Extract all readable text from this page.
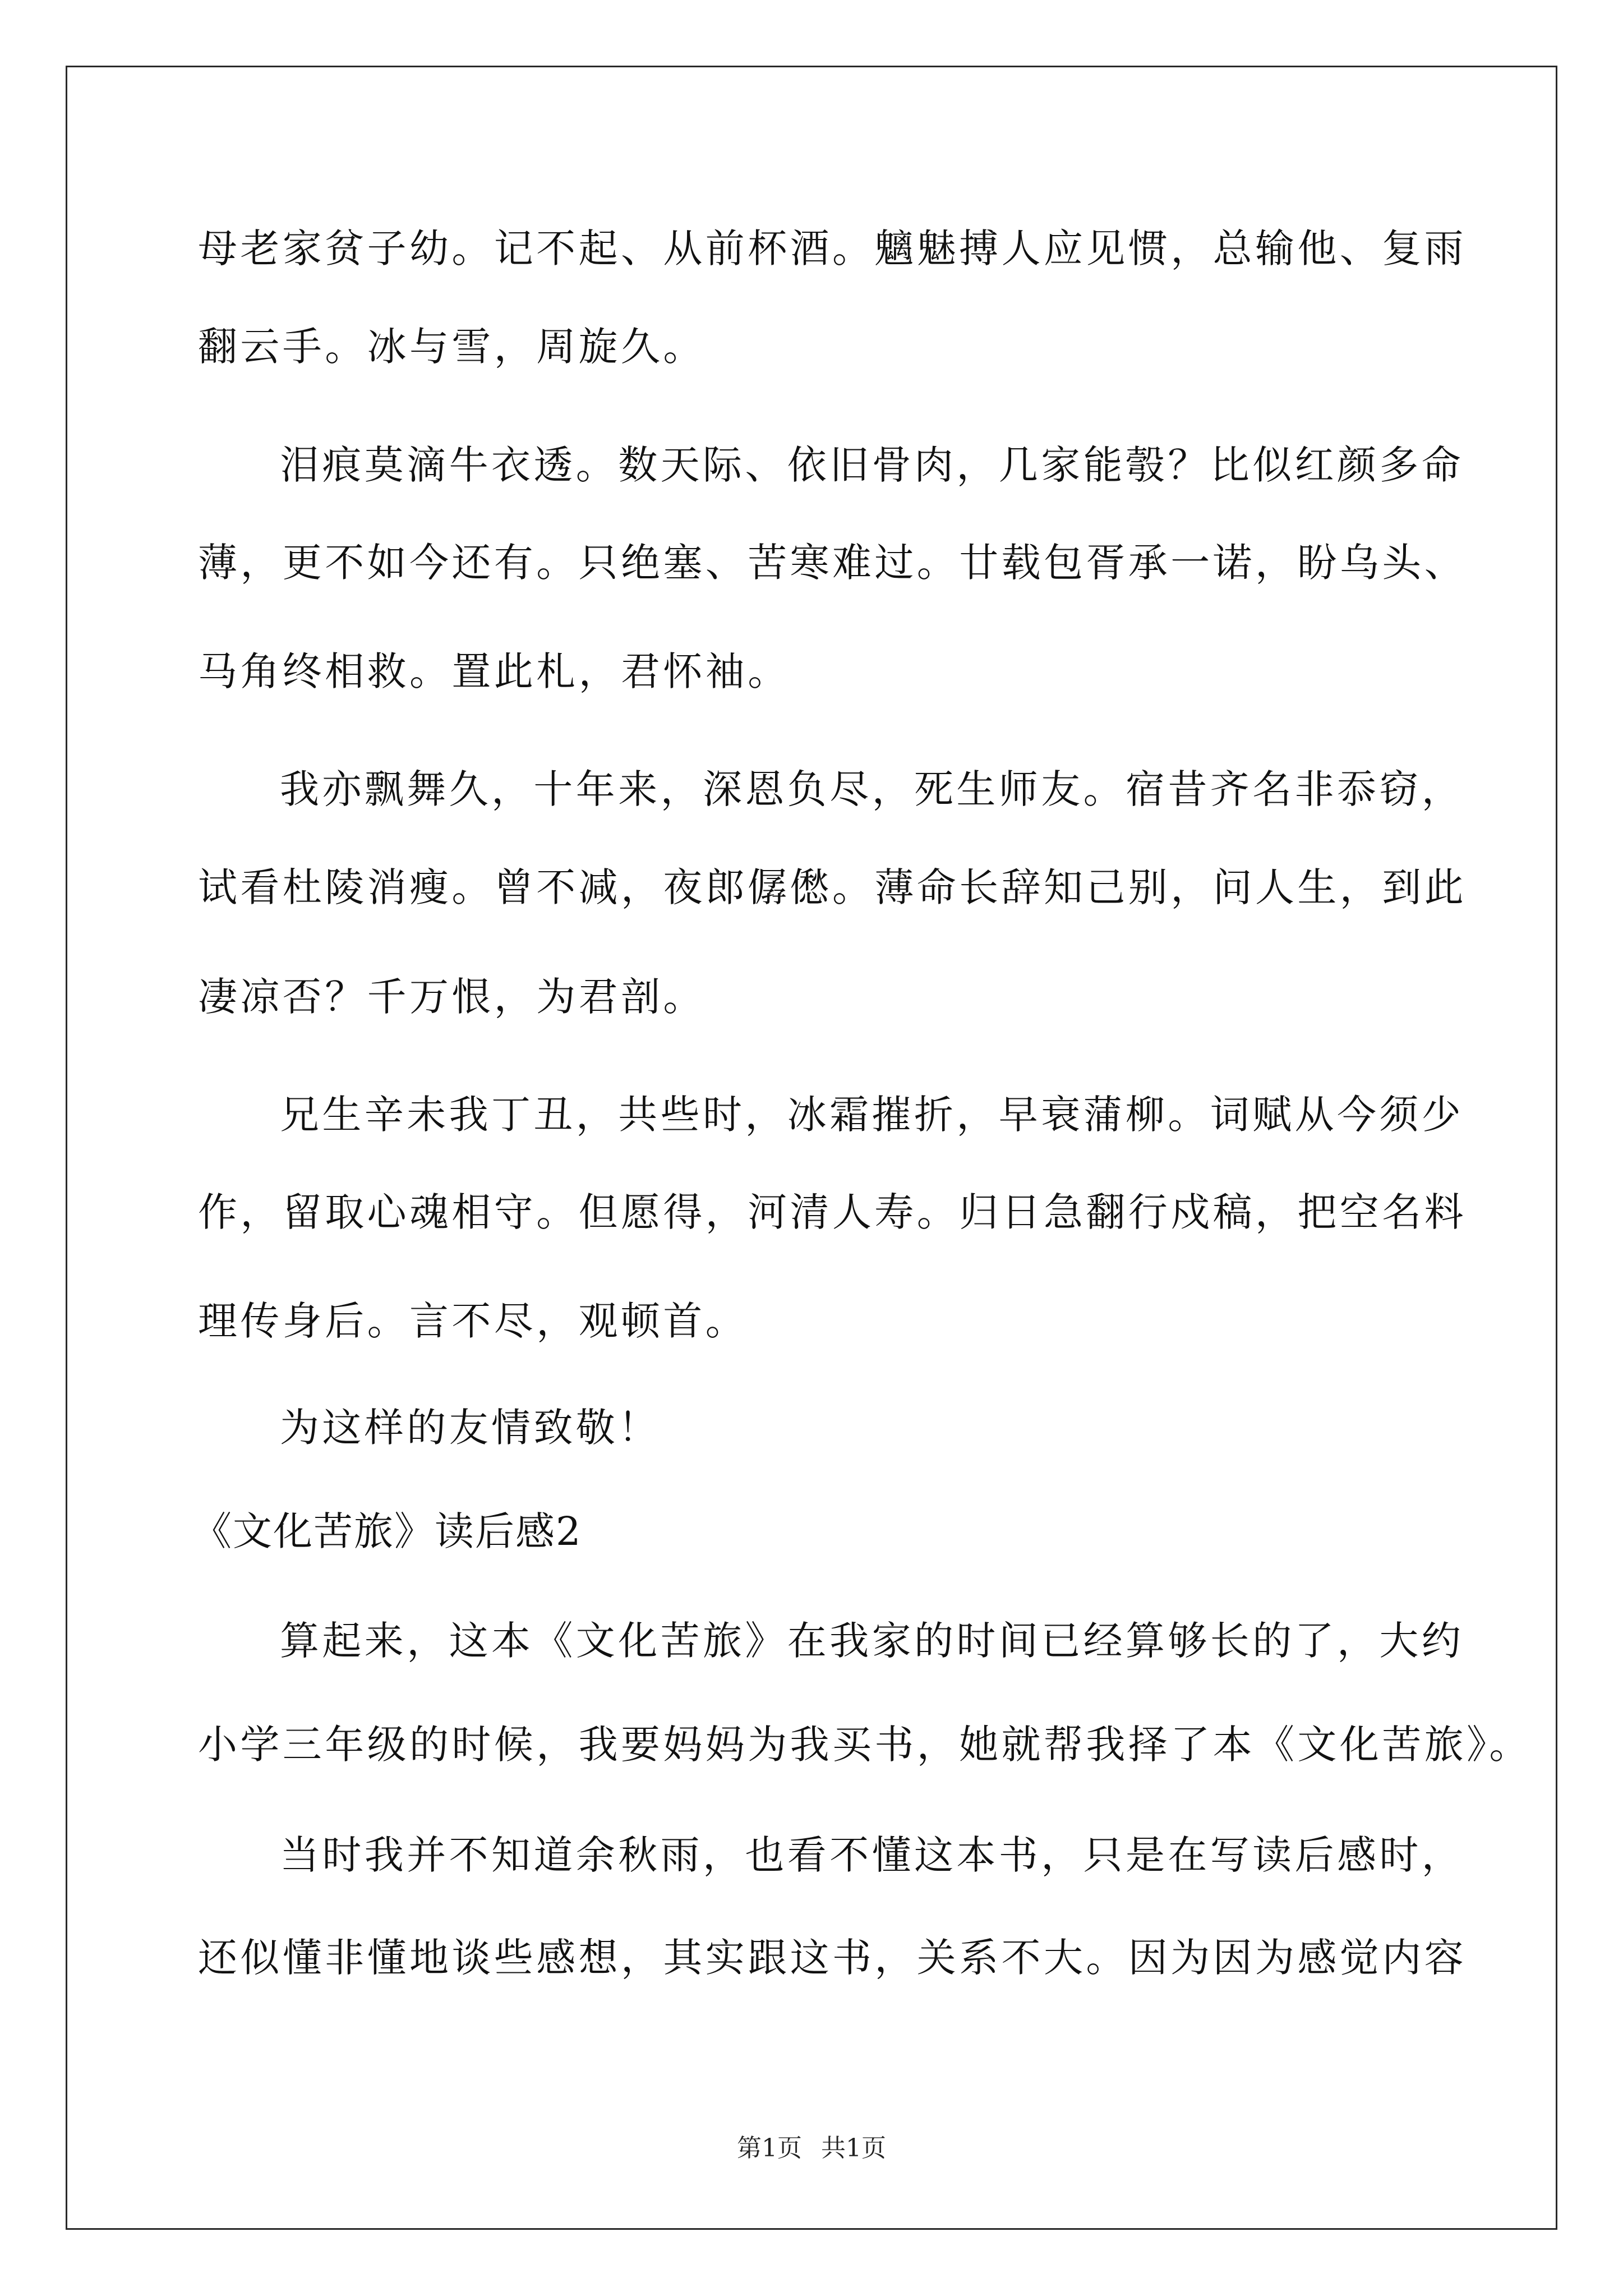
母老家贫子幼。记不起、从前杯酒。魑魅搏人应见惯，总输他、复雨
翻云手。冰与雪，周旋久。
泪痕莫滴牛衣透。数天际、依旧骨肉，几家能彀？比似红颜多命
薄，更不如今还有。只绝塞、苦寒难过。廿载包胥承一诺，盼乌头、
马角终相救。置此札，君怀袖。
我亦飘舞久，十年来，深恩负尽，死生师友。宿昔齐名非忝窃，
试看杜陵消瘦。曾不减，夜郎僝僽。薄命长辞知己别，问人生，到此
凄凉否？千万恨，为君剖。
兄生辛未我丁丑，共些时，冰霜摧折，早衰蒲柳。词赋从今须少
作，留取心魂相守。但愿得，河清人寿。归日急翻行戍稿，把空名料
理传身后。言不尽，观顿首。
为这样的友情致敬！
《文化苦旅》读后感2
算起来，这本《文化苦旅》在我家的时间已经算够长的了，大约
小学三年级的时候，我要妈妈为我买书，她就帮我择了本《文化苦旅》。
当时我并不知道余秋雨，也看不懂这本书，只是在写读后感时，
还似懂非懂地谈些感想，其实跟这书，关系不大。因为因为感觉内容
第1页 共1页
